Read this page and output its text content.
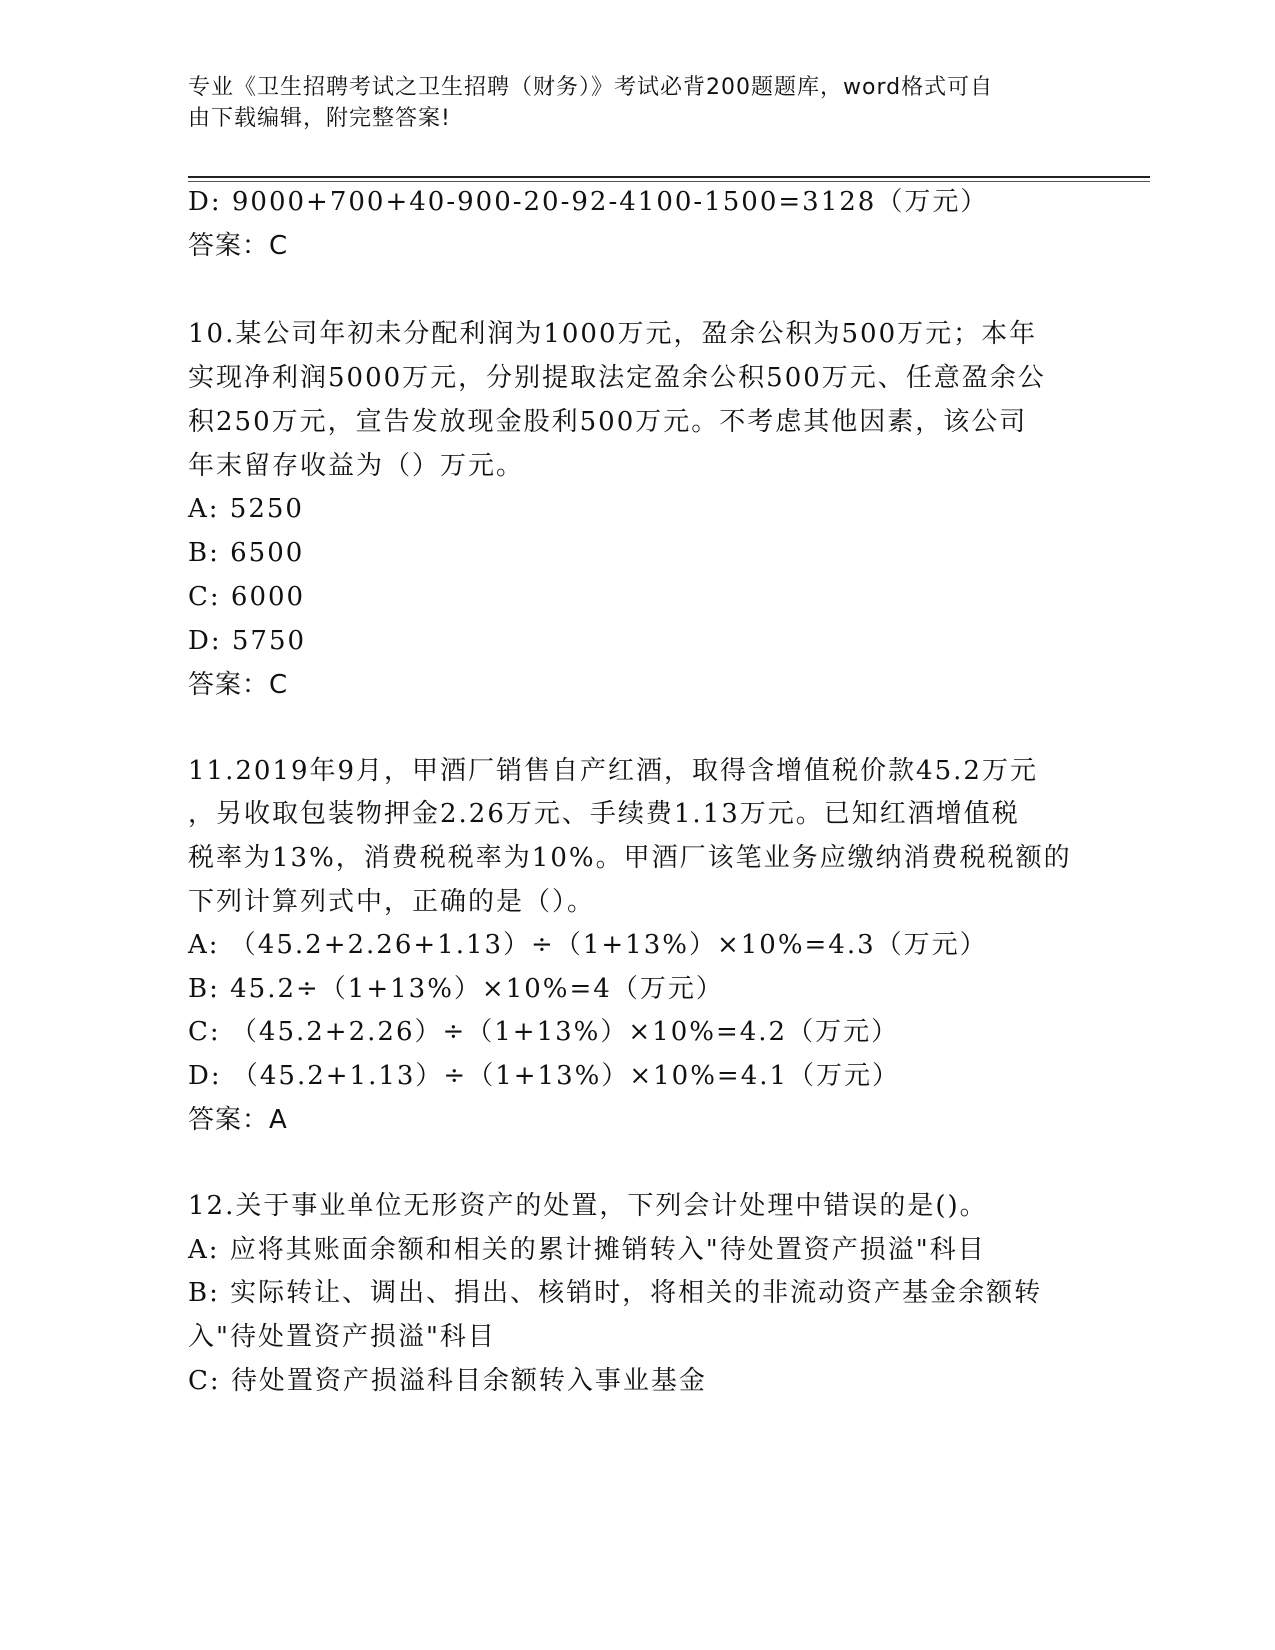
专业《卫生招聘考试之卫生招聘（财务）》考试必背200题题库，word格式可自
由下载编辑，附完整答案!
D: 9000+700+40-900-20-92-4100-1500=3128（万元）
答案：C
10.某公司年初未分配利润为1000万元，盈余公积为500万元；本年
实现净利润5000万元，分别提取法定盈余公积500万元、任意盈余公
积250万元，宣告发放现金股利500万元。不考虑其他因素，该公司
年末留存收益为（）万元。
A: 5250
B: 6500
C: 6000
D: 5750
答案：C
11.2019年9月，甲酒厂销售自产红酒，取得含增值税价款45.2万元
，另收取包装物押金2.26万元、手续费1.13万元。已知红酒增值税
税率为13%，消费税税率为10%。甲酒厂该笔业务应缴纳消费税税额的
下列计算列式中，正确的是（）。
A: （45.2+2.26+1.13）÷（1+13%）×10%=4.3（万元）
B: 45.2÷（1+13%）×10%=4（万元）
C: （45.2+2.26）÷（1+13%）×10%=4.2（万元）
D: （45.2+1.13）÷（1+13%）×10%=4.1（万元）
答案：A
12.关于事业单位无形资产的处置，下列会计处理中错误的是()。
A: 应将其账面余额和相关的累计摊销转入"待处置资产损溢"科目
B: 实际转让、调出、捐出、核销时，将相关的非流动资产基金余额转
入"待处置资产损溢"科目
C: 待处置资产损溢科目余额转入事业基金
